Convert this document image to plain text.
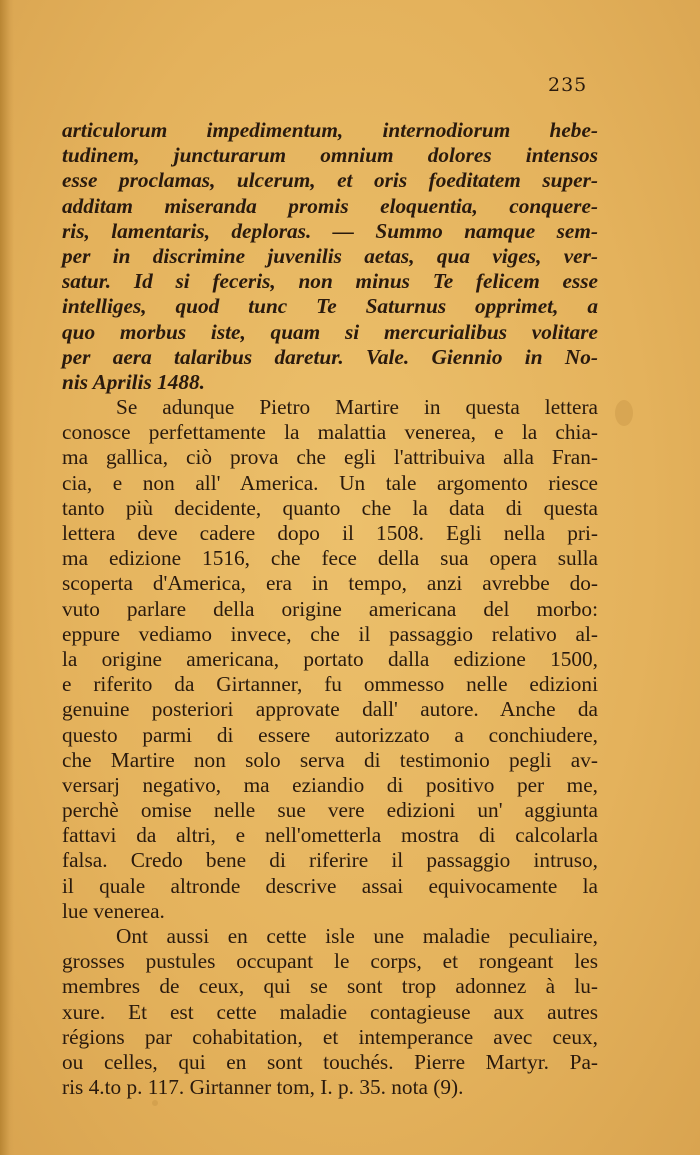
235
articulorum impedimentum, internodiorum hebe-
tudinem, juncturarum omnium dolores intensos
esse proclamas, ulcerum, et oris foeditatem super-
additam miseranda promis eloquentia, conquere-
ris, lamentaris, deploras. — Summo namque sem-
per in discrimine juvenilis aetas, qua viges, ver-
satur. Id si feceris, non minus Te felicem esse
intelliges, quod tunc Te Saturnus opprimet, a
quo morbus iste, quam si mercurialibus volitare
per aera talaribus daretur. Vale. Giennio in No-
nis Aprilis 1488.
Se adunque Pietro Martire in questa lettera
conosce perfettamente la malattia venerea, e la chia-
ma gallica, ciò prova che egli l'attribuiva alla Fran-
cia, e non all' America. Un tale argomento riesce
tanto più decidente, quanto che la data di questa
lettera deve cadere dopo il 1508. Egli nella pri-
ma edizione 1516, che fece della sua opera sulla
scoperta d'America, era in tempo, anzi avrebbe do-
vuto parlare della origine americana del morbo:
eppure vediamo invece, che il passaggio relativo al-
la origine americana, portato dalla edizione 1500,
e riferito da Girtanner, fu ommesso nelle edizioni
genuine posteriori approvate dall' autore. Anche da
questo parmi di essere autorizzato a conchiudere,
che Martire non solo serva di testimonio pegli av-
versarj negativo, ma eziandio di positivo per me,
perchè omise nelle sue vere edizioni un' aggiunta
fattavi da altri, e nell'ometterla mostra di calcolarla
falsa. Credo bene di riferire il passaggio intruso,
il quale altronde descrive assai equivocamente la
lue venerea.
Ont aussi en cette isle une maladie peculiaire,
grosses pustules occupant le corps, et rongeant les
membres de ceux, qui se sont trop adonnez à lu-
xure. Et est cette maladie contagieuse aux autres
régions par cohabitation, et intemperance avec ceux,
ou celles, qui en sont touchés. Pierre Martyr. Pa-
ris 4.to p. 117. Girtanner tom, I. p. 35. nota (9).
